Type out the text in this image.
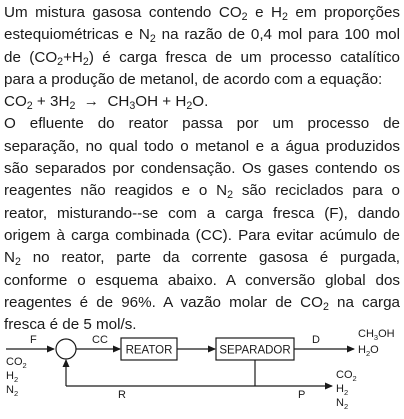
Um mistura gasosa contendo $CO_2$ e $H_2$ em proporções estequiométricas e $N_2$ na razão de 0,4 mol para 100 mol de $(CO_2+H_2)$ é carga fresca de um processo catalítico para a produção de metanol, de acordo com a equação:

$CO_2 + 3H_2 \to CH_3OH + H_2O$.

O efluente do reator passa por um processo de separação, no qual todo o metanol e a água produzidos são separados por condensação. Os gases contendo os reagentes não reagidos e o $N_2$ são reciclados para o reator, misturando--se com a carga fresca (F), dando origem à carga combinada (CC). Para evitar acúmulo de $N_2$ no reator, parte da corrente gasosa é purgada, conforme o esquema abaixo. A conversão global dos reagentes é de 96%. A vazão molar de $CO_2$ na carga fresca é de 5 mol/s.

F
$CO_2$
$H_2$
$N_2$
CC
REATOR	SEPARADOR
D	$CH_3OH$
$H_2O$
R	P
$CO_2$
$H_2$
$N_2$
